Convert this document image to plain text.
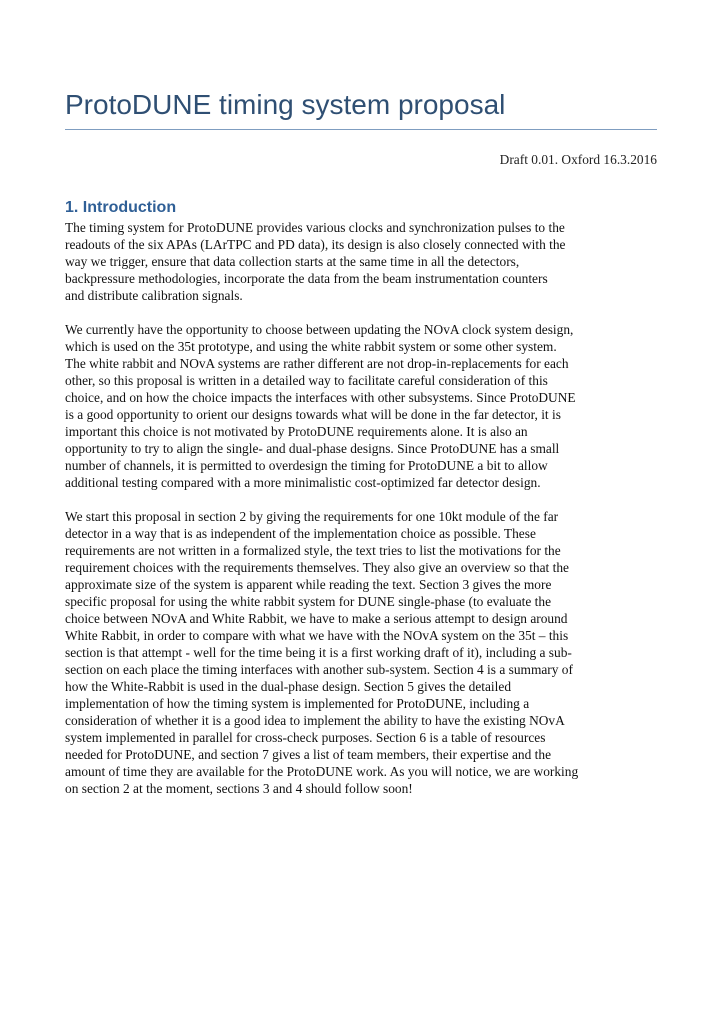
ProtoDUNE timing system proposal
Draft 0.01. Oxford 16.3.2016
1. Introduction

The timing system for ProtoDUNE provides various clocks and synchronization pulses to the
readouts of the six APAs (LArTPC and PD data), its design is also closely connected with the
way we trigger, ensure that data collection starts at the same time in all the detectors,
backpressure methodologies, incorporate the data from the beam instrumentation counters
and distribute calibration signals.

We currently have the opportunity to choose between updating the NOvA clock system design,
which is used on the 35t prototype, and using the white rabbit system or some other system.
The white rabbit and NOvA systems are rather different are not drop-in-replacements for each
other, so this proposal is written in a detailed way to facilitate careful consideration of this
choice, and on how the choice impacts the interfaces with other subsystems. Since ProtoDUNE
is a good opportunity to orient our designs towards what will be done in the far detector, it is
important this choice is not motivated by ProtoDUNE requirements alone. It is also an
opportunity to try to align the single- and dual-phase designs. Since ProtoDUNE has a small
number of channels, it is permitted to overdesign the timing for ProtoDUNE a bit to allow
additional testing compared with a more minimalistic cost-optimized far detector design.

We start this proposal in section 2 by giving the requirements for one 10kt module of the far
detector in a way that is as independent of the implementation choice as possible. These
requirements are not written in a formalized style, the text tries to list the motivations for the
requirement choices with the requirements themselves. They also give an overview so that the
approximate size of the system is apparent while reading the text. Section 3 gives the more
specific proposal for using the white rabbit system for DUNE single-phase (to evaluate the
choice between NOvA and White Rabbit, we have to make a serious attempt to design around
White Rabbit, in order to compare with what we have with the NOvA system on the 35t – this
section is that attempt - well for the time being it is a first working draft of it), including a sub-
section on each place the timing interfaces with another sub-system. Section 4 is a summary of
how the White-Rabbit is used in the dual-phase design. Section 5 gives the detailed
implementation of how the timing system is implemented for ProtoDUNE, including a
consideration of whether it is a good idea to implement the ability to have the existing NOvA
system implemented in parallel for cross-check purposes. Section 6 is a table of resources
needed for ProtoDUNE, and section 7 gives a list of team members, their expertise and the
amount of time they are available for the ProtoDUNE work. As you will notice, we are working
on section 2 at the moment, sections 3 and 4 should follow soon!
